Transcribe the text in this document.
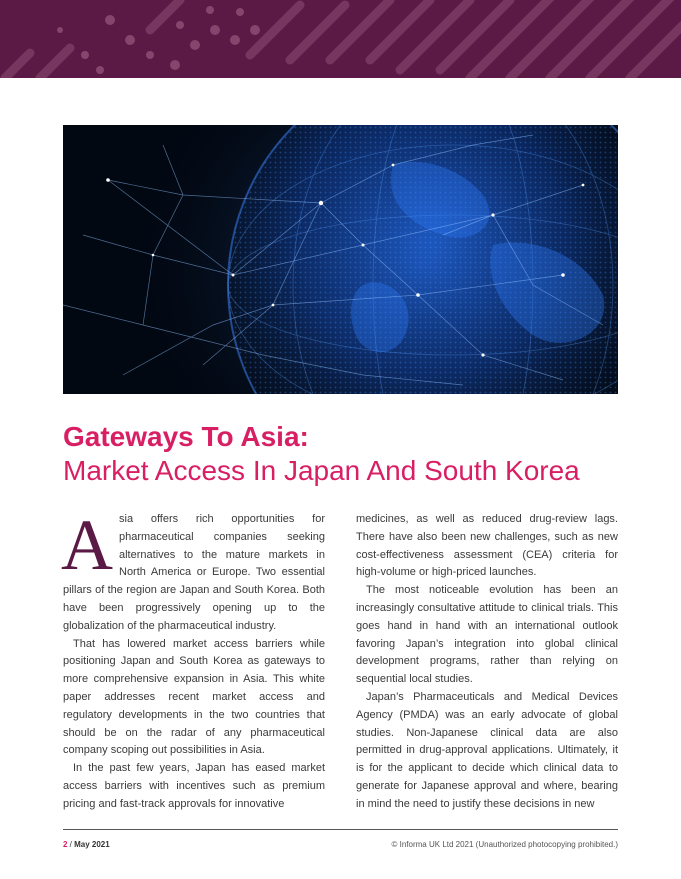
Gateways To Asia:
Market Access In Japan And South Korea

Asia offers rich opportunities for pharmaceutical companies seeking alternatives to the mature markets in North America or Europe. Two essential pillars of the region are Japan and South Korea. Both have been progressively opening up to the globalization of the pharmaceutical industry.

That has lowered market access barriers while positioning Japan and South Korea as gateways to more comprehensive expansion in Asia. This white paper addresses recent market access and regulatory developments in the two countries that should be on the radar of any pharmaceutical company scoping out possibilities in Asia.

In the past few years, Japan has eased market access barriers with incentives such as premium pricing and fast-track approvals for innovative

medicines, as well as reduced drug-review lags. There have also been new challenges, such as new cost-effectiveness assessment (CEA) criteria for high-volume or high-priced launches.

The most noticeable evolution has been an increasingly consultative attitude to clinical trials. This goes hand in hand with an international outlook favoring Japan’s integration into global clinical development programs, rather than relying on sequential local studies.

Japan’s Pharmaceuticals and Medical Devices Agency (PMDA) was an early advocate of global studies. Non-Japanese clinical data are also permitted in drug-approval applications. Ultimately, it is for the applicant to decide which clinical data to generate for Japanese approval and where, bearing in mind the need to justify these decisions in new

2 / May 2021	© Informa UK Ltd 2021 (Unauthorized photocopying prohibited.)
